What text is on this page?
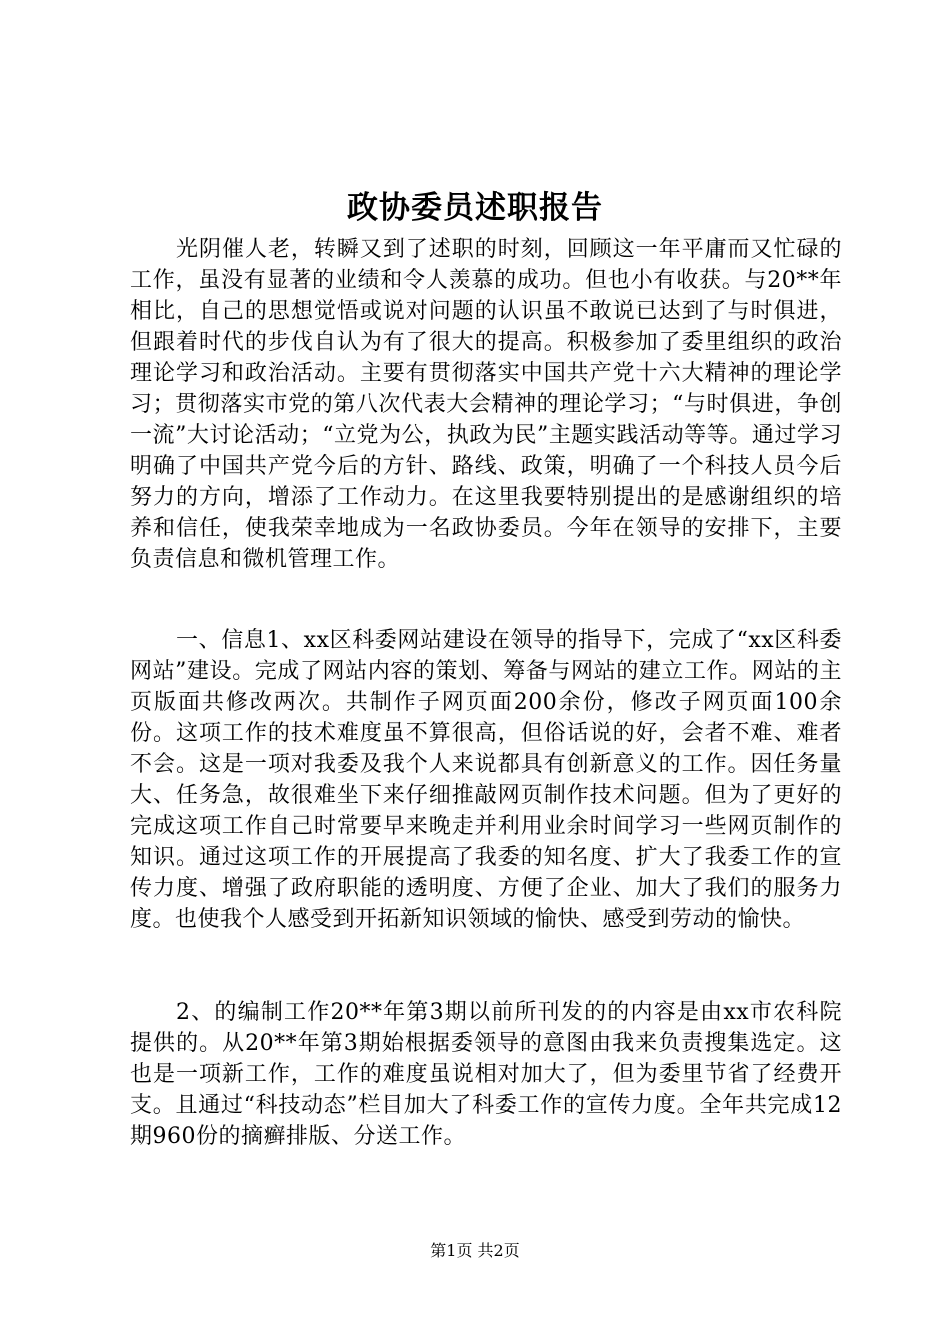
政协委员述职报告

光阴催人老，转瞬又到了述职的时刻，回顾这一年平庸而又忙碌的工作，虽没有显著的业绩和令人羡慕的成功。但也小有收获。与20**年相比，自己的思想觉悟或说对问题的认识虽不敢说已达到了与时俱进，但跟着时代的步伐自认为有了很大的提高。积极参加了委里组织的政治理论学习和政治活动。主要有贯彻落实中国共产党十六大精神的理论学习；贯彻落实市党的第八次代表大会精神的理论学习；“与时俱进，争创一流”大讨论活动；“立党为公，执政为民”主题实践活动等等。通过学习明确了中国共产党今后的方针、路线、政策，明确了一个科技人员今后努力的方向，增添了工作动力。在这里我要特别提出的是感谢组织的培养和信任，使我荣幸地成为一名政协委员。今年在领导的安排下，主要负责信息和微机管理工作。

一、信息1、xx区科委网站建设在领导的指导下，完成了“xx区科委网站”建设。完成了网站内容的策划、筹备与网站的建立工作。网站的主页版面共修改两次。共制作子网页面200余份，修改子网页面100余份。这项工作的技术难度虽不算很高，但俗话说的好，会者不难、难者不会。这是一项对我委及我个人来说都具有创新意义的工作。因任务量大、任务急，故很难坐下来仔细推敲网页制作技术问题。但为了更好的完成这项工作自己时常要早来晚走并利用业余时间学习一些网页制作的知识。通过这项工作的开展提高了我委的知名度、扩大了我委工作的宣传力度、增强了政府职能的透明度、方便了企业、加大了我们的服务力度。也使我个人感受到开拓新知识领域的愉快、感受到劳动的愉快。

2、的编制工作20**年第3期以前所刊发的的内容是由xx市农科院提供的。从20**年第3期始根据委领导的意图由我来负责搜集选定。这也是一项新工作，工作的难度虽说相对加大了，但为委里节省了经费开支。且通过“科技动态”栏目加大了科委工作的宣传力度。全年共完成12期960份的摘癣排版、分送工作。

第1页 共2页
